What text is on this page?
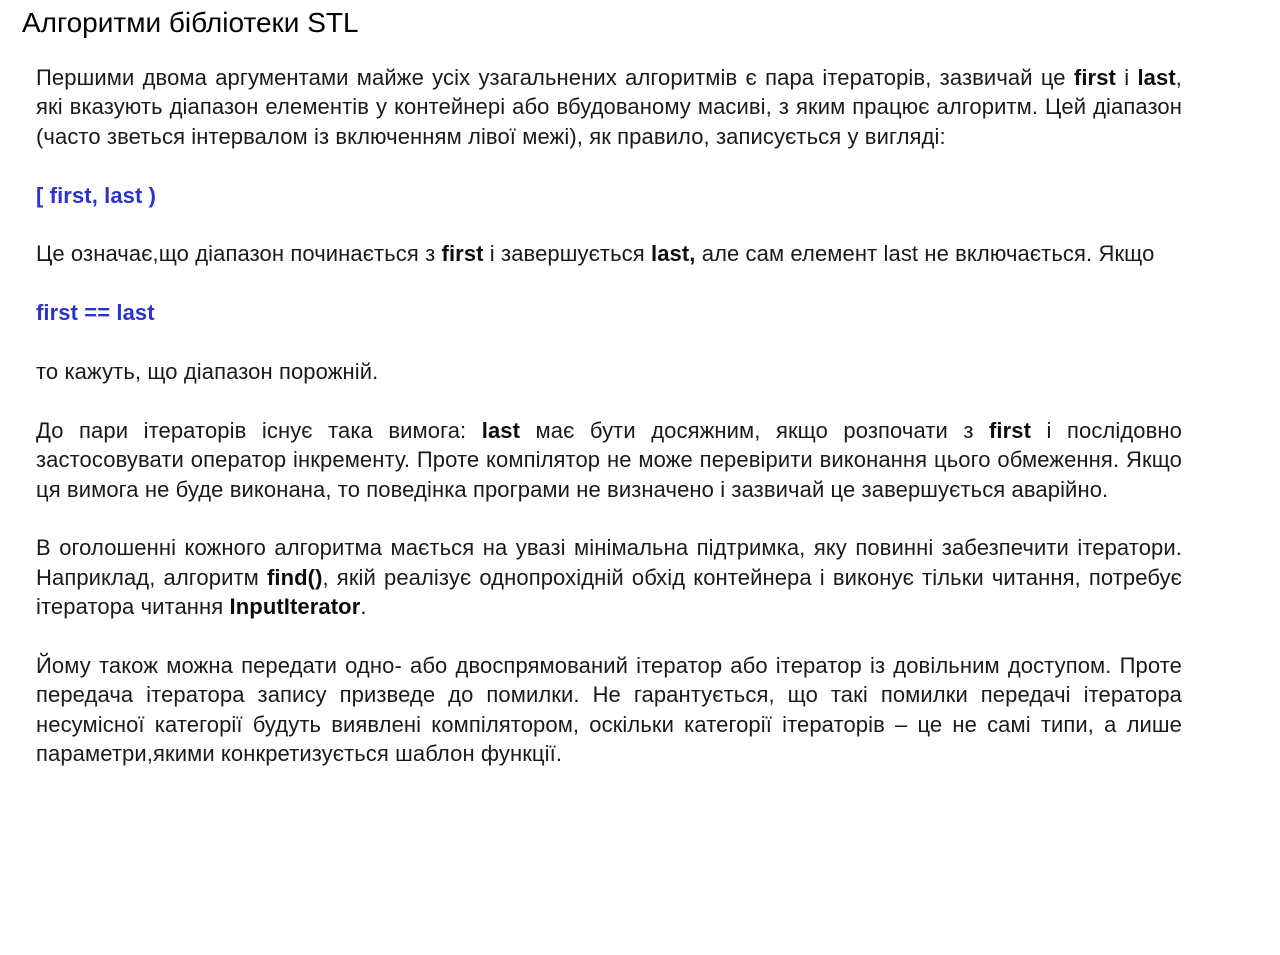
Алгоритми бібліотеки STL

Першими двома аргументами майже усіх узагальнених алгоритмів є пара ітераторів, зазвичай це first і last, які вказують діапазон елементів у контейнері або вбудованому масиві, з яким працює алгоритм. Цей діапазон (часто зветься інтервалом із включенням лівої межі), як правило, записується у вигляді:

[ first, last )

Це означає,що діапазон починається з first і завершується last, але сам елемент last не включається. Якщо

first == last

то кажуть, що діапазон порожній.

До пари ітераторів існує така вимога: last має бути досяжним, якщо розпочати з first і послідовно застосовувати оператор інкременту. Проте компілятор не може перевірити виконання цього обмеження. Якщо ця вимога не буде виконана, то поведінка програми не визначено і зазвичай це завершується аварійно.

В оголошенні кожного алгоритма мається на увазі мінімальна підтримка, яку повинні забезпечити ітератори. Наприклад, алгоритм find(), якій реалізує однопрохідній обхід контейнера і виконує тільки читання, потребує ітератора читання InputIterator.

Йому також можна передати одно- або двоспрямований ітератор або ітератор із довільним доступом. Проте передача ітератора запису призведе до помилки. Не гарантується, що такі помилки передачі ітератора несумісної категорії будуть виявлені компілятором, оскільки категорії ітераторів – це не самі типи, а лише параметри,якими конкретизується шаблон функції.
